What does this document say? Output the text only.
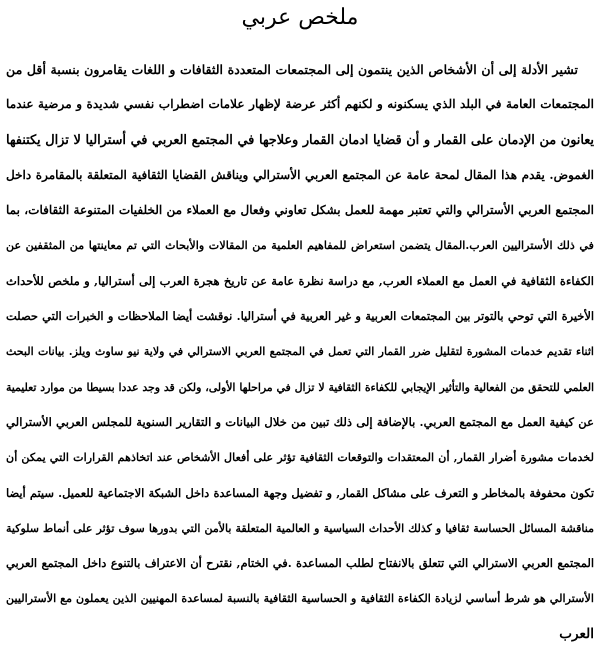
ملخص عربي
تشير الأدلة إلى أن الأشخاص الذين ينتمون إلى المجتمعات المتعددة الثقافات و اللغات يقامرون بنسبة أقل من
المجتمعات العامة في البلد الذي يسكنونه و لكنهم أكثر عرضة لإظهار علامات اضطراب نفسي شديدة و مرضية عندما
يعانون من الإدمان على القمار و أن قضايا ادمان القمار وعلاجها في المجتمع العربي في أستراليا لا تزال يكتنفها
الغموض. يقدم هذا المقال لمحة عامة عن المجتمع العربي الأسترالي ويناقش القضايا الثقافية المتعلقة بالمقامرة داخل
المجتمع العربي الأسترالي والتي تعتبر مهمة للعمل بشكل تعاوني وفعال مع العملاء من الخلفيات المتنوعة الثقافات، بما
في ذلك الأستراليين العرب.المقال يتضمن استعراض للمفاهيم العلمية من المقالات والأبحاث التي تم معاينتها من المثقفين عن
الكفاءة الثقافية في العمل مع العملاء العرب, مع دراسة نظرة عامة عن تاريخ هجرة العرب إلى أستراليا, و ملخص للأحداث
الأخيرة التي توحي بالتوتر بين المجتمعات العربية و غير العربية في أستراليا. نوقشت أيضا الملاحظات و الخبرات التي حصلت
اثناء تقديم خدمات المشورة لتقليل ضرر القمار التي تعمل في المجتمع العربي الاسترالي في ولاية نيو ساوث ويلز. بيانات البحث
العلمي للتحقق من الفعالية والتأثير الإيجابي للكفاءة الثقافية لا تزال في مراحلها الأولى، ولكن قد وجد عددا بسيطا من موارد تعليمية
عن كيفية العمل مع المجتمع العربي. بالإضافة إلى ذلك تبين من خلال البيانات و التقارير السنوية للمجلس العربي الأسترالي
لخدمات مشورة أضرار القمار, أن المعتقدات والتوقعات الثقافية تؤثر على أفعال الأشخاص عند اتخاذهم القرارات التي يمكن أن
تكون محفوفة بالمخاطر و التعرف على مشاكل القمار, و تفضيل وجهة المساعدة داخل الشبكة الاجتماعية للعميل. سيتم أيضا
مناقشة المسائل الحساسة ثقافيا و كذلك الأحداث السياسية و العالمية المتعلقة بالأمن التي بدورها سوف تؤثر على أنماط سلوكية
المجتمع العربي الاسترالي التي تتعلق بالانفتاح لطلب المساعدة .في الختام, نقترح أن الاعتراف بالتنوع داخل المجتمع العربي
الأسترالي هو شرط أساسي لزيادة الكفاءة الثقافية و الحساسية الثقافية بالنسبة لمساعدة المهنيين الذين يعملون مع الأستراليين
العرب
